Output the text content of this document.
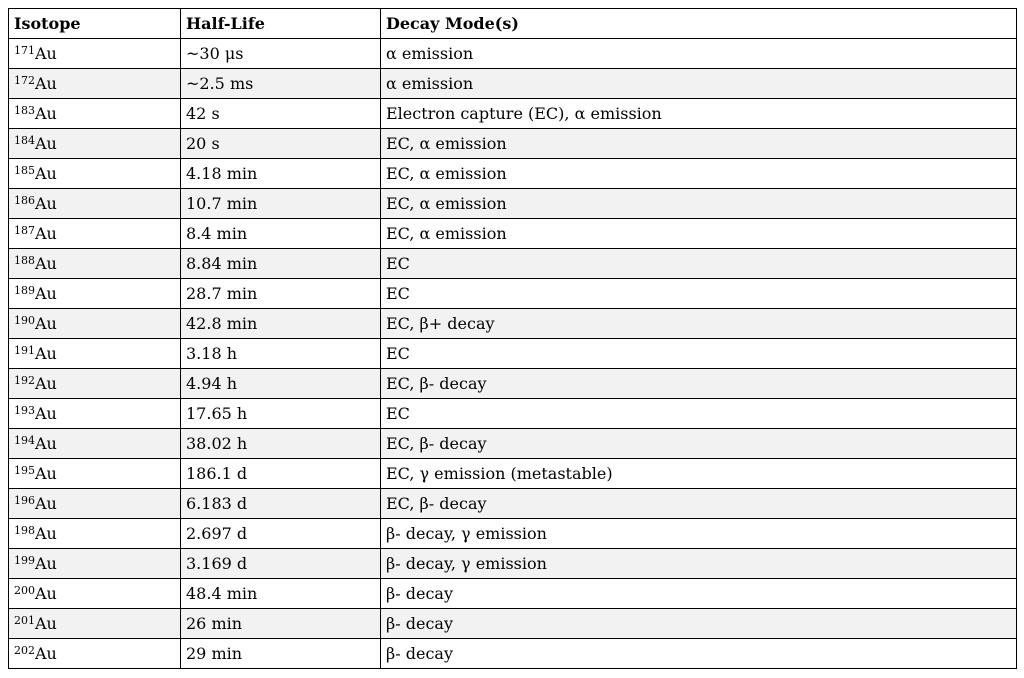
Isotope	Half-Life	Decay Mode(s)
$^{171}$Au	~30 μs	α emission
$^{172}$Au	~2.5 ms	α emission
$^{183}$Au	42 s	Electron capture (EC), α emission
$^{184}$Au	20 s	EC, α emission
$^{185}$Au	4.18 min	EC, α emission
$^{186}$Au	10.7 min	EC, α emission
$^{187}$Au	8.4 min	EC, α emission
$^{188}$Au	8.84 min	EC
$^{189}$Au	28.7 min	EC
$^{190}$Au	42.8 min	EC, β+ decay
$^{191}$Au	3.18 h	EC
$^{192}$Au	4.94 h	EC, β- decay
$^{193}$Au	17.65 h	EC
$^{194}$Au	38.02 h	EC, β- decay
$^{195}$Au	186.1 d	EC, γ emission (metastable)
$^{196}$Au	6.183 d	EC, β- decay
$^{198}$Au	2.697 d	β- decay, γ emission
$^{199}$Au	3.169 d	β- decay, γ emission
$^{200}$Au	48.4 min	β- decay
$^{201}$Au	26 min	β- decay
$^{202}$Au	29 min	β- decay
